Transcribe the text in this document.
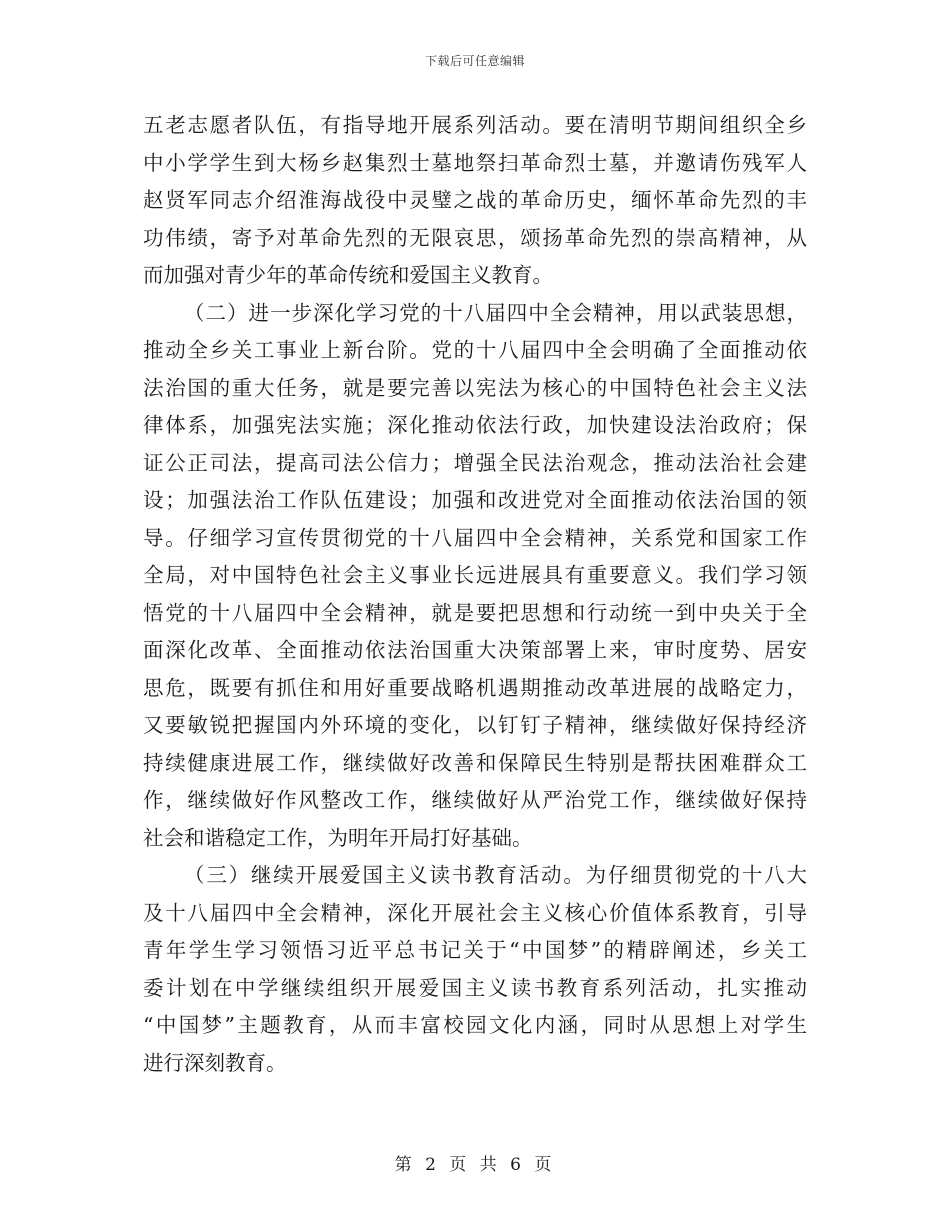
下载后可任意编辑
五老志愿者队伍，有指导地开展系列活动。要在清明节期间组织全乡
中小学学生到大杨乡赵集烈士墓地祭扫革命烈士墓，并邀请伤残军人
赵贤军同志介绍淮海战役中灵璧之战的革命历史，缅怀革命先烈的丰
功伟绩，寄予对革命先烈的无限哀思，颂扬革命先烈的崇高精神，从
而加强对青少年的革命传统和爱国主义教育。
（二）进一步深化学习党的十八届四中全会精神，用以武装思想，
推动全乡关工事业上新台阶。党的十八届四中全会明确了全面推动依
法治国的重大任务，就是要完善以宪法为核心的中国特色社会主义法
律体系，加强宪法实施；深化推动依法行政，加快建设法治政府；保
证公正司法，提高司法公信力；增强全民法治观念，推动法治社会建
设；加强法治工作队伍建设；加强和改进党对全面推动依法治国的领
导。仔细学习宣传贯彻党的十八届四中全会精神，关系党和国家工作
全局，对中国特色社会主义事业长远进展具有重要意义。我们学习领
悟党的十八届四中全会精神，就是要把思想和行动统一到中央关于全
面深化改革、全面推动依法治国重大决策部署上来，审时度势、居安
思危，既要有抓住和用好重要战略机遇期推动改革进展的战略定力，
又要敏锐把握国内外环境的变化，以钉钉子精神，继续做好保持经济
持续健康进展工作，继续做好改善和保障民生特别是帮扶困难群众工
作，继续做好作风整改工作，继续做好从严治党工作，继续做好保持
社会和谐稳定工作，为明年开局打好基础。
（三）继续开展爱国主义读书教育活动。为仔细贯彻党的十八大
及十八届四中全会精神，深化开展社会主义核心价值体系教育，引导
青年学生学习领悟习近平总书记关于“中国梦”的精辟阐述，乡关工
委计划在中学继续组织开展爱国主义读书教育系列活动，扎实推动
“中国梦”主题教育，从而丰富校园文化内涵，同时从思想上对学生
进行深刻教育。
第 2 页 共 6 页
